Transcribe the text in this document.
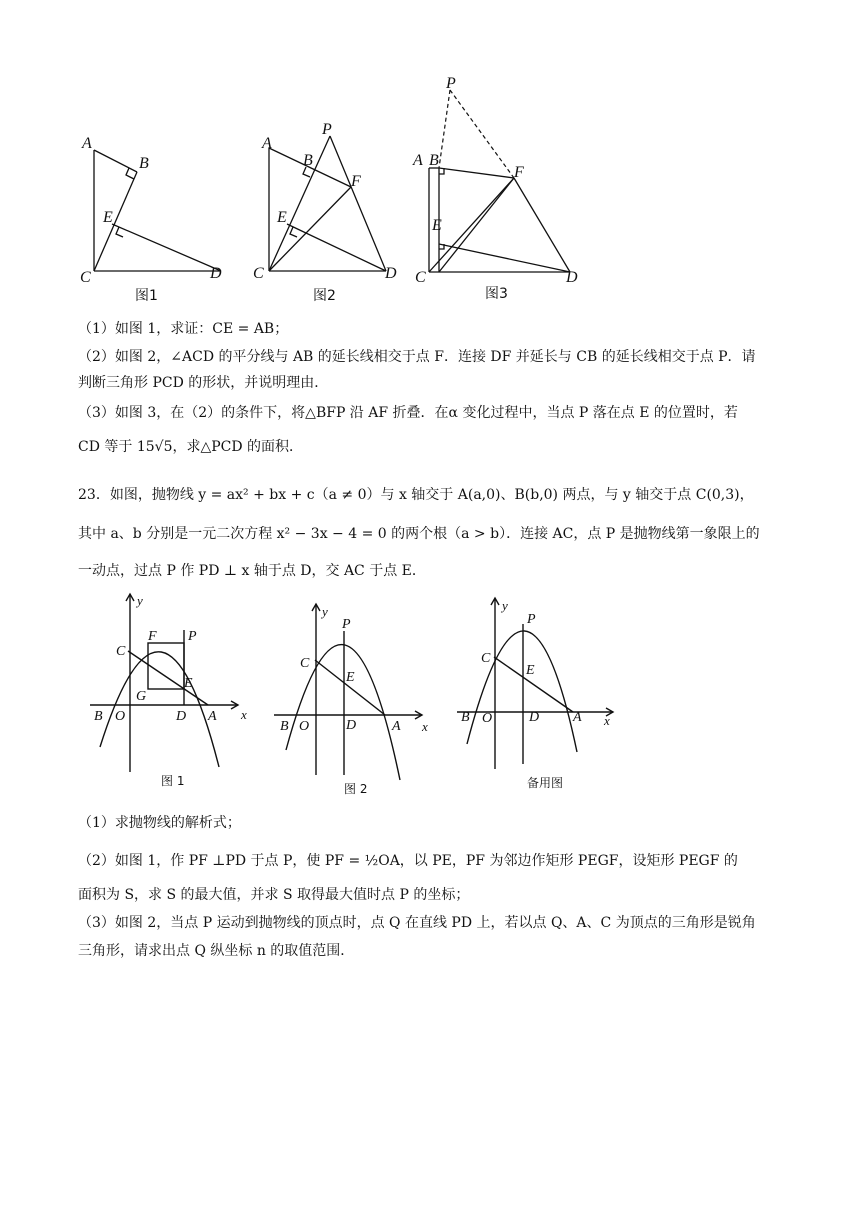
A
B
C	D
E
图1
A
B
P
F
E
C	D
图2
P
A B
F
E
C	D
图3
（1）如图 1，求证：CE = AB；
（2）如图 2，∠ACD 的平分线与 AB 的延长线相交于点 F．连接 DF 并延长与 CB 的延长线相交于点 P．请
判断三角形 PCD 的形状，并说明理由．
（3）如图 3，在（2）的条件下，将△BFP 沿 AF 折叠．在α 变化过程中，当点 P 落在点 E 的位置时，若
CD 等于 15√5，求△PCD 的面积．
23．如图，抛物线 y = ax² + bx + c（a ≠ 0）与 x 轴交于 A(a,0)、B(b,0) 两点，与 y 轴交于点 C(0,3)，
其中 a、b 分别是一元二次方程 x² − 3x − 4 = 0 的两个根（a > b）．连接 AC，点 P 是抛物线第一象限上的
一动点，过点 P 作 PD ⊥ x 轴于点 D，交 AC 于点 E．
y
x
C
F P
G
E
B O	D A
图 1
y
x
C
P
E
B O	D	A
图 2
y
x
C
P
E
B O	D A
备用图
（1）求抛物线的解析式；
（2）如图 1，作 PF ⊥PD 于点 P，使 PF = ½OA，以 PE，PF 为邻边作矩形 PEGF，设矩形 PEGF 的
面积为 S，求 S 的最大值，并求 S 取得最大值时点 P 的坐标；
（3）如图 2，当点 P 运动到抛物线的顶点时，点 Q 在直线 PD 上，若以点 Q、A、C 为顶点的三角形是锐角
三角形，请求出点 Q 纵坐标 n 的取值范围．
